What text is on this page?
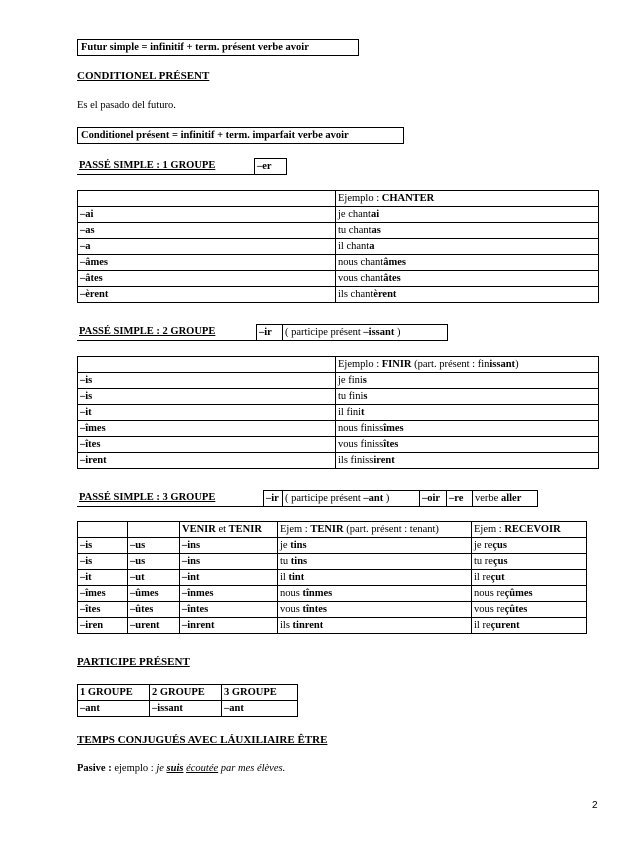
Futur simple = infinitif + term. présent verbe avoir
CONDITIONEL PRÉSENT
Es el pasado del futuro.
Conditionel présent = infinitif + term. imparfait verbe avoir
PASSÉ SIMPLE : 1 GROUPE	–er
	Ejemplo : CHANTER
–ai	je chantai
–as	tu chantas
–a	il chanta
–âmes	nous chantâmes
–âtes	vous chantâtes
–èrent	ils chantèrent
PASSÉ SIMPLE : 2 GROUPE	–ir	( participe présent –issant )
	Ejemplo : FINIR (part. présent : finissant)
–is	je finis
–is	tu finis
–it	il finit
–îmes	nous finissîmes
–îtes	vous finissîtes
–irent	ils finissirent
PASSÉ SIMPLE : 3 GROUPE	–ir ( participe présent –ant )	–oir –re	verbe aller
		VENIR et TENIR	Ejem : TENIR (part. présent : tenant)	Ejem : RECEVOIR
–is	–us	–ins	je tins	je reçus
–is	–us	–ins	tu tins	tu reçus
–it	–ut	–int	il tint	il reçut
–îmes	–ûmes	–înmes	nous tînmes	nous reçûmes
–îtes	–ûtes	–întes	vous tîntes	vous reçûtes
–iren	–urent	–inrent	ils tinrent	il reçurent
PARTICIPE PRÉSENT
1 GROUPE	2 GROUPE	3 GROUPE
–ant	–issant	–ant
TEMPS CONJUGUÉS AVEC LÁUXILIAIRE ÊTRE
Pasive : ejemplo : je suis écoutée par mes élèves.
2
